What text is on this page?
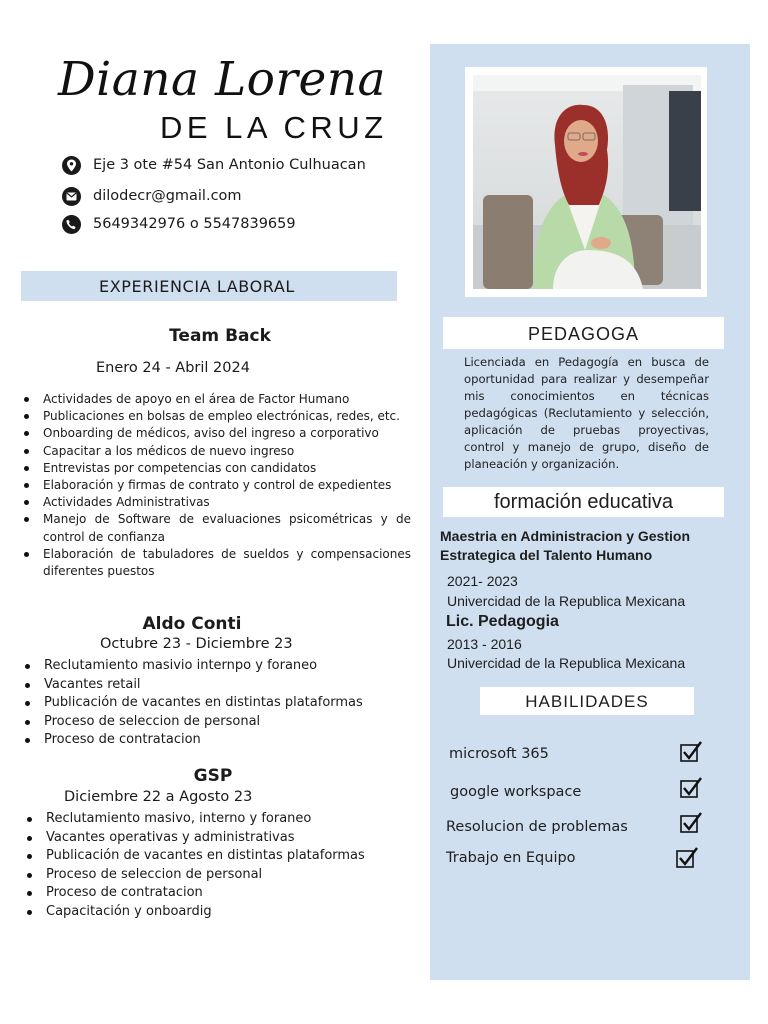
Diana Lorena
DE LA CRUZ
Eje 3 ote #54 San Antonio Culhuacan
dilodecr@gmail.com
5649342976 o 5547839659
EXPERIENCIA LABORAL
Team Back
Enero 24 - Abril 2024
Actividades de apoyo en el área de Factor Humano
Publicaciones en bolsas de empleo electrónicas, redes, etc.
Onboarding de médicos, aviso del ingreso a corporativo
Capacitar a los médicos de nuevo ingreso
Entrevistas por competencias con candidatos
Elaboración y firmas de contrato y control de expedientes
Actividades Administrativas
Manejo de Software de evaluaciones psicométricas y de control de confianza
Elaboración de tabuladores de sueldos y compensaciones diferentes puestos
Aldo Conti
Octubre 23 - Diciembre 23
Reclutamiento masivio internpo y foraneo
Vacantes retail
Publicación de vacantes en distintas plataformas
Proceso de seleccion de personal
Proceso de contratacion
GSP
Diciembre 22 a Agosto 23
Reclutamiento masivo, interno y foraneo
Vacantes operativas y administrativas
Publicación de vacantes en distintas plataformas
Proceso de seleccion de personal
Proceso de contratacion
Capacitación y onboardig
PEDAGOGA
Licenciada en Pedagogía en busca de oportunidad para realizar y desempeñar mis conocimientos en técnicas pedagógicas (Reclutamiento y selección, aplicación de pruebas proyectivas, control y manejo de grupo, diseño de planeación y organización.
formación educativa
Maestria en Administracion y Gestion
Estrategica del Talento Humano
2021- 2023
Univercidad de la Republica Mexicana
Lic. Pedagogia
2013 - 2016
Univercidad de la Republica Mexicana
HABILIDADES
microsoft 365
google workspace
Resolucion de problemas
Trabajo en Equipo
